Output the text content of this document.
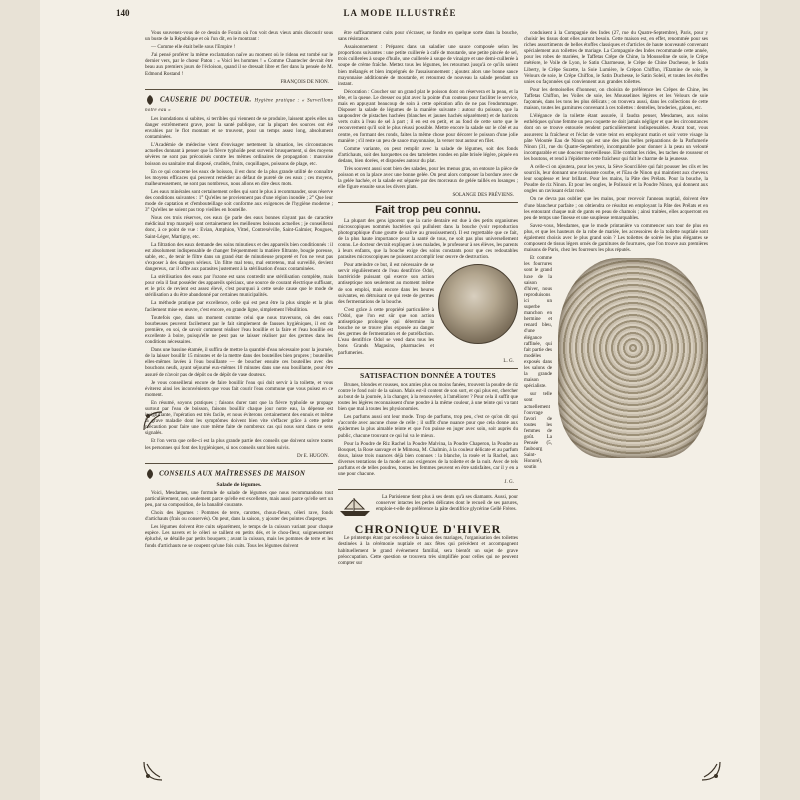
140	LA MODE ILLUSTRÉE

Vous souvenez-vous de ce dessin de Forain où l'on voit deux vieux amis discourir sous un buste de la République et où l'un dit, en le montrant :

— Comme elle était belle sous l'Empire !

J'ai pensé proférer la même exclamation naïve au moment où le rideau est tombé sur le dernier vers, par le chœur Paton : « Voici les hommes ! » Comme Chantecler devrait être beau aux premiers jours de l'écloison, quand il se dressait libre et fier dans la pensée de M. Edmond Rostand !

FRANÇOIS DE NION.

CAUSERIE DU DOCTEUR. Hygiène pratique : « Surveillons notre eau »

Les inondations si subites, si terribles qui viennent de se produire, laissent après elles un danger extrêmement grave, pour la santé publique, car la plupart des sources ont été envahies par le flot montant et se trouvent, pour un temps assez long, absolument contaminées.

L'Académie de médecine vient d'envisager nettement la situation, les circonstances actuelles donnant à penser que la fièvre typhoïde peut survenir brusquement, si des moyens sévères ne sont pas préconisés contre les mêmes ordinaires de propagation : mauvaise boisson ou sanitaire mal disposé, crudités, fruits, coquillages, poissons de plage, etc.

En ce qui concerne les eaux de boisson, il est donc de la plus grande utilité de connaître les moyens efficaces qui peuvent remédier au défaut de pureté de ces eaux ; ces moyens, malheureusement, ne sont pas nombreux, nous allons en dire deux mots.

Les eaux minérales sont certainement celles qui sont le plus à recommander, sous réserve des conditions suivantes : 1° Qu'elles ne proviennent pas d'une région inondée ; 2° Que leur mode de captation et d'embouteillage soit conforme aux exigences de l'hygiène moderne ; 3° Qu'elles ne soient pas trop vieilles en bouteille.

Nous ces trois réserves, ces eaux (je parle des eaux bonnes n'ayant pas de caractère médicinal trop marqué) sont certainement les meilleures boissons actuelles ; je conseillerai donc, à ce point de vue : Evian, Amphion, Vittel, Contrexéville, Saint-Galmier, Pougues, Saint-Léger, Martigny, etc.

La filtration des eaux demande des soins minutieux et des appareils bien conditionnés : il est absolument indispensable de changer fréquemment la matière filtrante, bougie poreuse, sable, etc., de tenir le filtre dans un grand état de minutieuse propreté et l'on ne veut pas s'exposer à des dangers sérieux. Un filtre mal tenu, mal entretenu, mal surveillé, devient dangereux, car il offre aux parasites justement à la stérilisation d'eaux contaminées.

La stérilisation des eaux par l'ozone est sans contredit une stérilisation complète, mais pour cela il faut posséder des appareils spéciaux, une source de courant électrique suffisant, et le prix de revient est assez élevé, c'est pourquoi à cette seule cause que le mode de stérilisation a du être abandonné par certaines municipalités.

La méthode pratique par excellence, celle qui est peut être la plus simple et la plus facilement mise en œuvre, c'est encore, en grande ligne, simplement l'ébullition.

Toutefois que, dans un moment comme celui que nous traversons, où des eaux bourbeuses peuvent facilement par le fait simplement de fausses hygiéniques, il est de première, en soi, de savoir comment réaliser l'eau bouillie et la faire et l'eau bouillie est excellente à boire, puisqu'elle ne peut pas se laisser réaliser par des germes dans les conditions nécessaires.

Dans une bassine étamée, il suffira de mettre la quantité d'eau nécessaire pour la journée, de la laisser bouillir 15 minutes et de la mettre dans des bouteilles bien propres ; bouteilles elles-mêmes lavées à l'eau bouillante — de boucher ensuite ces bouteilles avec des bouchons neufs, ayant séjourné eux-mêmes 10 minutes dans une eau bouillante, pour être assuré de n'avoir pas de dépôt ou de dépôt de vase douteux.

Je vous conseillerai encore de faire bouillir l'eau qui doit servir à la toilette, et vous éviterez ainsi les inconvénients que vous fait courir l'eau commune que vous puisez en ce moment.

En résumé, soyons pratiques ; faisons durer tant que la fièvre typhoïde se propage surtout par l'eau de boisson, faisons bouillir chaque jour notre eau, la dépense est insignifiante, l'opération est très facile, et nous éviterons certainement des ennuis et même la grave maladie dont les symptômes doivent bien vite s'effacer grâce à cette petite précaution pour faire une cure même faite de nombreux cas qui nous sont dans ce sens signalés.

Et l'on verra que celle-ci est la plus grande partie des conseils que doivent suivre toutes les personnes qui font des hygiéniques, si nos conseils sont bien suivis.

Dr E. HUGON.

CONSEILS AUX MAÎTRESSES DE MAISON
Salade de légumes.

Voici, Mesdames, une formule de salade de légumes que nous recommandons tout particulièrement, non seulement parce qu'elle est excellente, mais aussi parce qu'elle sert un peu, par sa composition, de la banalité courante.

Choix des légumes : Pommes de terre, carottes, choux-fleurs, céleri rave, fonds d'artichauts (frais ou conservés). On peut, dans la saison, y ajouter des pointes d'asperges.

Les légumes doivent être cuits séparément, le temps de la cuisson variant pour chaque espèce. Les navets et le céleri se taillent en petits dés, et le chou-fleur, soigneusement épluché, se détaille par petits bouquets ; avant la cuisson, mais les pommes de terre et les fonds d'artichauts ne se coupent qu'une fois cuits. Tous les légumes doivent

être suffisamment cuits pour s'écraser, se fondre en quelque sorte dans la bouche, sans résistance.

Assaisonnement : Préparez dans un saladier une sauce composée selon les proportions suivantes : une petite cuillerée à café de moutarde, une petite pincée de sel, trois cuillerées à soupe d'huile, une cuillerée à soupe de vinaigre et une demi-cuillerée à soupe de crème fraîche. Mettez tous les légumes, les retournez jusqu'à ce qu'ils soient bien mélangés et bien imprégnés de l'assaisonnement ; ajoutez alors une bonne sauce mayonnaise additionnée de moutarde, et retournez de nouveau la salade pendant un instant.

Décoration : Coucher sur un grand plat le poisson dont on réservera et la peau, et la tête, et la queue. Le dresser ou plat avec la pointe d'un couteau pour faciliter le service, mais en appuyant beaucoup de soin à cette opération afin de ne pas l'endommager. Disposer la salade de légumes de la manière suivante : autour du poisson, que la saupoudrer de pistaches hachées (blanches et jaunes hachés séparément) et de haricots verts cuits à l'eau de sel à part ; il en est en petit, et au fond de cette sorte que le recouvrement qu'il soit le plus réussi possible. Mettre encore la salade sur le côté et au centre, en formant des ronds, faites la même chose pour décorer le poisson d'une jolie manière ; s'il reste un peu de sauce mayonnaise, la verser tout autour en filet.

Comme variante, on peut remplir avec la salade de légumes, soit des fonds d'artichauts, soit des barquettes ou des tartelettes rondes en pâte brisée légère, piquée en dedans, bien dorées, et disposées autour du plat.

Très souvent aussi sont bien des salades, pour les menus gras, on entoure la pièce de poisson et on la place avec une bonne gelée. On peut alors composer la bordure avec de la gelée hachée, et la salade est séparée par des morceaux de gelée taillés en losanges ; elle figure ensuite sous les divers plats.

SOLANGE DES PRÉVIENS.

Fait trop peu connu.

La plupart des gens ignorent que la carie dentaire est due à des petits organismes microscopiques nommés bactéries qui pullulent dans la bouche (voir reproduction photographique d'une goutte de salive au grossissement). Il est regrettable que ce fait, de la plus haute importance pour la santé de tous, ne soit pas plus universellement connu. Le docteur devrait expliquer à ses malades, le professeur à ses élèves, les parents à leurs enfants, que la bouche exige des soins constants pour que ces redoutables parasites microscopiques ne puissent accomplir leur œuvre de destruction.

Pour atteindre ce but, il est nécessaire de se servir régulièrement de l'eau dentifrice Odol, bactéricide puissant qui exerce son action antiseptique non seulement au moment même de son emploi, mais encore dans les heures suivantes, en détruisant ce qui reste de germes des fermentations de la bouche.

C'est grâce à cette propriété particulière à l'Odol, que l'on est sûr que son action antiseptique prolongée qui détermine la bouche ne se trouve plus exposée au danger des germes de fermentation et de putréfaction. L'eau dentifrice Odol se vend dans tous les bons Grands Magasins, pharmacies et parfumeries.

L. G.

SATISFACTION DONNÉE A TOUTES

Brunes, blondes et rousses, nos amies plus ou moins fanées, trouvent la poudre de riz contre le fond noir de la saison. Mais est-il content de son sort, et qui plus est, chercher au bout de la journée, à la changer, à la renouveler, à l'améliorer ? Pour cela il suffit que toutes les légères reconnaissent d'une poudre à la même couleur, à une teinte qui va tant bien que mal à toutes les physionomies.

Les parfums aussi ont leur mode. Trop de parfums, trop peu, c'est ce qu'on dit qui s'accorde avec aucune chose de celle ; il suffit d'une nuance pour que cela donne aux épidermes la plus aimable teinte et que l'on puisse en juger avec soin, soit auprès du public, chacune trouvant ce qui lui va le mieux.

Pour la Poudre de Riz Rachel la Poudre Malvina, la Poudre Chaperon, la Poudre au Bouquet, la Rose sauvage et le Mimosa, M. Chalmin, à la couleur délicate et au parfum doux, laisse trois nuances déjà bien connues : la blanche, la rosée et la Rachel, aux diverses tentations de la mode et aux exigences de la toilette et de la nuit. Avec de tels parfums et de telles poudres, toutes les femmes peuvent en être satisfaites, car il y en a une pour chacune.

J. G.

La Parisienne tient plus à ses dents qu'à ses diamants. Aussi, pour conserver intactes les perles délicates dont le recueil de ses parures, emploie-t-elle de préférence la pâte dentifrice glycérine Gellé Frères.

CHRONIQUE D'HIVER

Le printemps étant par excellence la saison des mariages, l'organisation des toilettes destinées à la cérémonie nuptiale et aux fêtes qui précèdent et accompagnent habituellement le grand événement familial, sera bientôt un sujet de grave préoccupation. Cette question se trouvera très simplifiée pour celles qui ne peuvent compter sur

conduisent à la Compagnie des Indes (27, rue du Quatre-Septembre), Paris, pour y choisir les tissus dont elles auront besoin. Cette maison est, en effet, renommée pour ses riches assortiments de belles étoffes classiques et d'articles de haute nouveauté convenant spécialement aux toilettes de mariage. La Compagnie des Indes recommande cette année, pour les robes de mariées, le Taffetas Crêpe de Chine, la Mousseline de soie, le Crêpe météore, le Voile de Lyon, le Satin Charmeuse, le Crêpe de Chine Duchesse, le Satin Liberty, le Crêpe Suzette, la Soie Lumière, le Crépon Chiffon, l'Etamine de soie, le Velours de soie, le Crêpe Chiffon, le Satin Duchesse, le Satin Soleil, et toutes les étoffes unies ou façonnées qui conviennent aux grandes toilettes.

Pour les demoiselles d'honneur, on choisira de préférence les Crêpes de Chine, les Taffetas Chiffon, les Voiles de soie, les Mousselines légères et les Velours de soie façonnés, dans les tons les plus délicats ; on trouvera aussi, dans les collections de cette maison, toutes les garnitures convenant à ces toilettes : dentelles, broderies, galons, etc.

L'élégance de la toilette étant assurée, il faudra penser, Mesdames, aux soins esthétiques qu'une femme un peu coquette ne doit jamais négliger et que les circonstances dont on se trouve entourée rendent particulièrement indispensables. Avant tout, vous assurerez la fraîcheur et l'éclat de votre teint en employant matin et soir votre visage la pâte Veloutée Eau de Ninon qui est une des plus belles préparations de la Parfumerie Ninon (31, rue du Quatre-Septembre), incomparable pour donner à la peau un velouté incomparable et une douceur merveilleuse. Elle combat les rides, les taches de rousseur et les boutons, et rend à l'épiderme cette fraîcheur qui fait le charme de la jeunesse.

A celle-ci on ajoutera, pour les yeux, la Sève Sourcilière qui fait pousser les cils et les sourcils, leur donnant une ravissante courbe, et l'Eau de Ninon qui maintient aux cheveux leur souplesse et leur brillant. Pour les mains, la Pâte des Prélats. Pour la bouche, la Poudre de riz Ninon. Et pour les ongles, le Polissoir et la Poudre Ninon, qui donnent aux ongles un ravissant éclat rosé.

On ne devra pas oublier que les mains, pour recevoir l'anneau nuptial, doivent être d'une blancheur parfaite ; on obtiendra ce résultat en employant la Pâte des Prélats et en les entourant chaque nuit de gants en peau de chamois ; ainsi traitées, elles acquerront en peu de temps une finesse et une souplesse remarquables.

Savez-vous, Mesdames, que le mode printanière va commencer son tour de plus en plus, et que les hauteurs de la robe de mariée, les accessoires de la toilette nuptiale sont également choisis avec le plus grand soin ? Les toilettes de soirée les plus élégantes se composent de tissus légers ornés de garnitures de fourrures, que l'on trouve aux premières maisons de Paris, chez les fourreurs les plus réputés.

Et comme les fourrures sont le grand luxe de la saison d'hiver, nous reproduisons ici un superbe manchon en hermine et renard bleu, d'une élégance raffinée, qui fait partie des modèles exposés dans les salons de la grande maison spécialiste.

sur telle sont actuellement l'ouvrage favori de toutes les femmes de goût. La Pensée (5, faubourg Saint-Honoré), soutin
